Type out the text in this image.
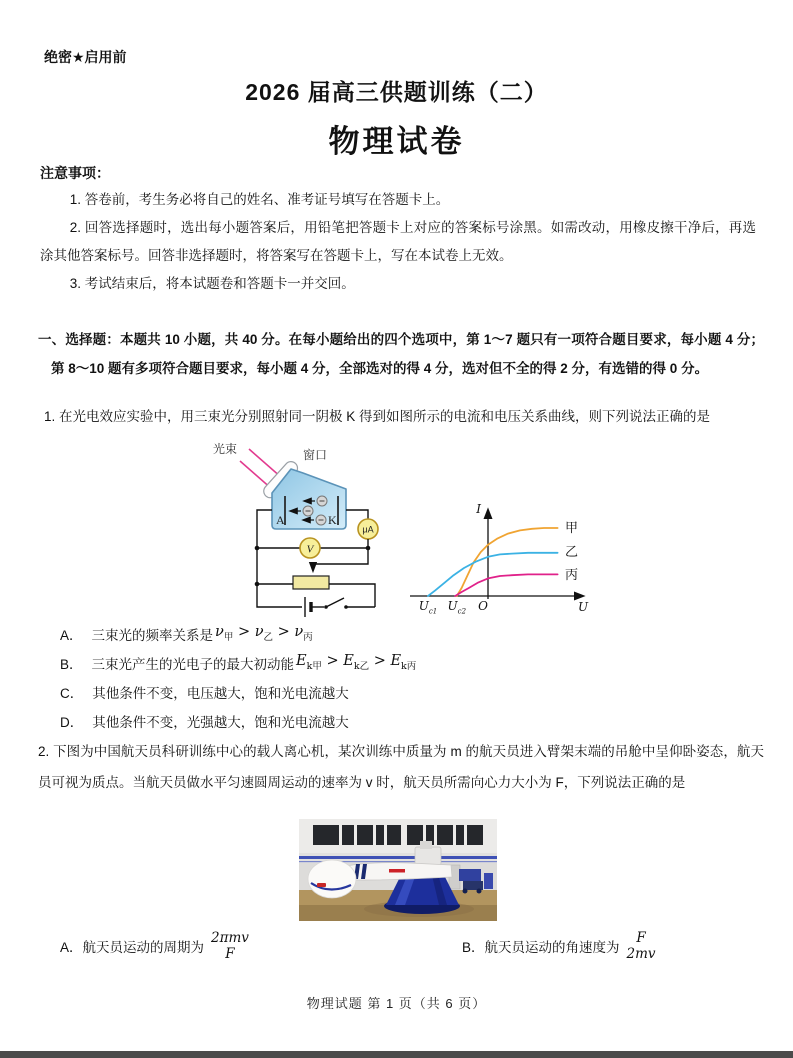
绝密★启用前
2026 届高三供题训练（二）
物理试卷
注意事项：

1. 答卷前，考生务必将自己的姓名、准考证号填写在答题卡上。

2. 回答选择题时，选出每小题答案后，用铅笔把答题卡上对应的答案标号涂黑。如需改动，用橡皮擦干净后，再选涂其他答案标号。回答非选择题时，将答案写在答题卡上，写在本试卷上无效。

3. 考试结束后，将本试题卷和答题卡一并交回。

一、选择题：本题共 10 小题，共 40 分。在每小题给出的四个选项中，第 1～7 题只有一项符合题目要求，每小题 4 分；第 8～10 题有多项符合题目要求，每小题 4 分，全部选对的得 4 分，选对但不全的得 2 分，有选错的得 0 分。

1. 在光电效应实验中，用三束光分别照射同一阴极 K 得到如图所示的电流和电压关系曲线，则下列说法正确的是

光束	窗口
A	K
μA
V
I
U
O
$U_{c1}$ $U_{c2}$
甲
乙
丙
A． 三束光的频率关系是 $\nu_甲 > \nu_乙 > \nu_丙$
B． 三束光产生的光电子的最大初动能 $E_{k甲} > E_{k乙} > E_{k丙}$
C． 其他条件不变，电压越大，饱和光电流越大
D． 其他条件不变，光强越大，饱和光电流越大

2. 下图为中国航天员科研训练中心的载人离心机，某次训练中质量为 m 的航天员进入臂架末端的吊舱中呈仰卧姿态，航天员可视为质点。当航天员做水平匀速圆周运动的速率为 v 时，航天员所需向心力大小为 F，下列说法正确的是

A． 航天员运动的周期为
2πmv
F	B． 航天员运动的角速度为
F
2mv
物理试题 第 1 页（共 6 页）
